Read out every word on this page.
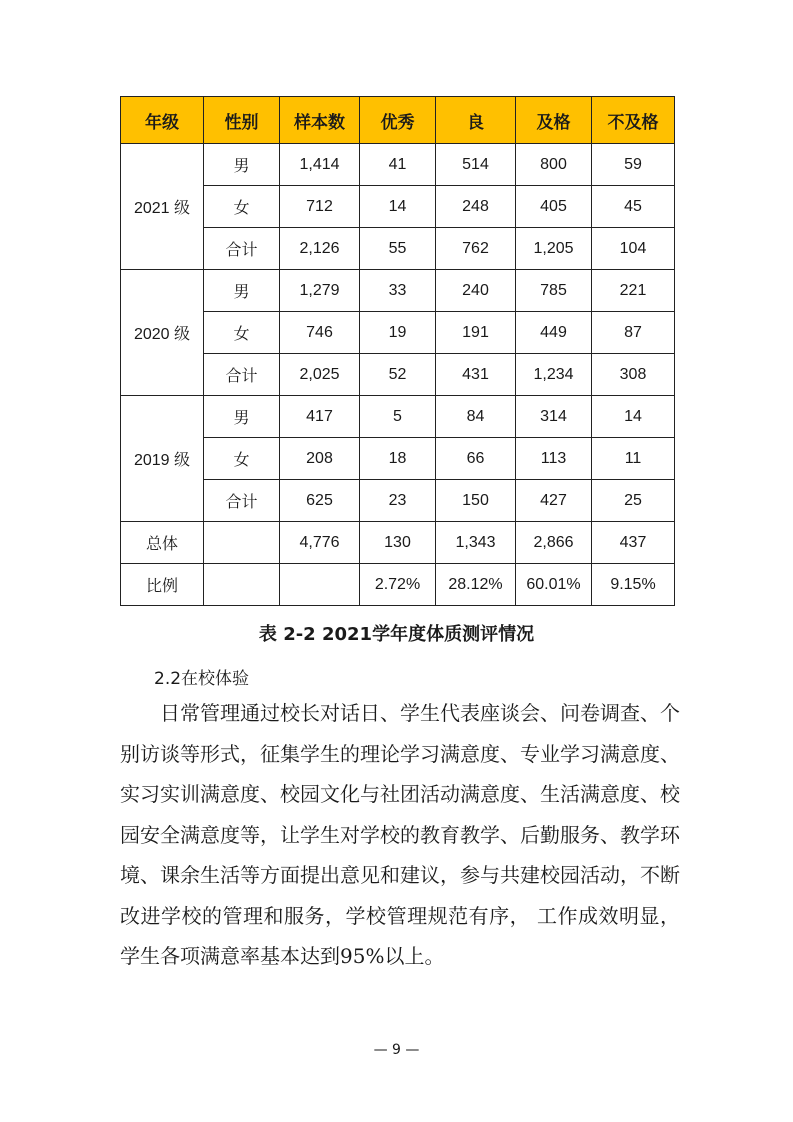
年级	性别	样本数	优秀	良	及格	不及格
2021 级	男	1,414	41	514	800	59
	女	712	14	248	405	45
	合计	2,126	55	762	1,205	104
2020 级	男	1,279	33	240	785	221
	女	746	19	191	449	87
	合计	2,025	52	431	1,234	308
2019 级	男	417	5	84	314	14
	女	208	18	66	113	11
	合计	625	23	150	427	25
总体		4,776	130	1,343	2,866	437
比例			2.72%	28.12%	60.01%	9.15%
表 2-2 2021学年度体质测评情况
2.2在校体验

日常管理通过校长对话日、学生代表座谈会、问卷调查、个别访谈等形式，征集学生的理论学习满意度、专业学习满意度、实习实训满意度、校园文化与社团活动满意度、生活满意度、校园安全满意度等，让学生对学校的教育教学、后勤服务、教学环境、课余生活等方面提出意见和建议，参与共建校园活动，不断改进学校的管理和服务，学校管理规范有序， 工作成效明显，学生各项满意率基本达到95%以上。

— 9 —
